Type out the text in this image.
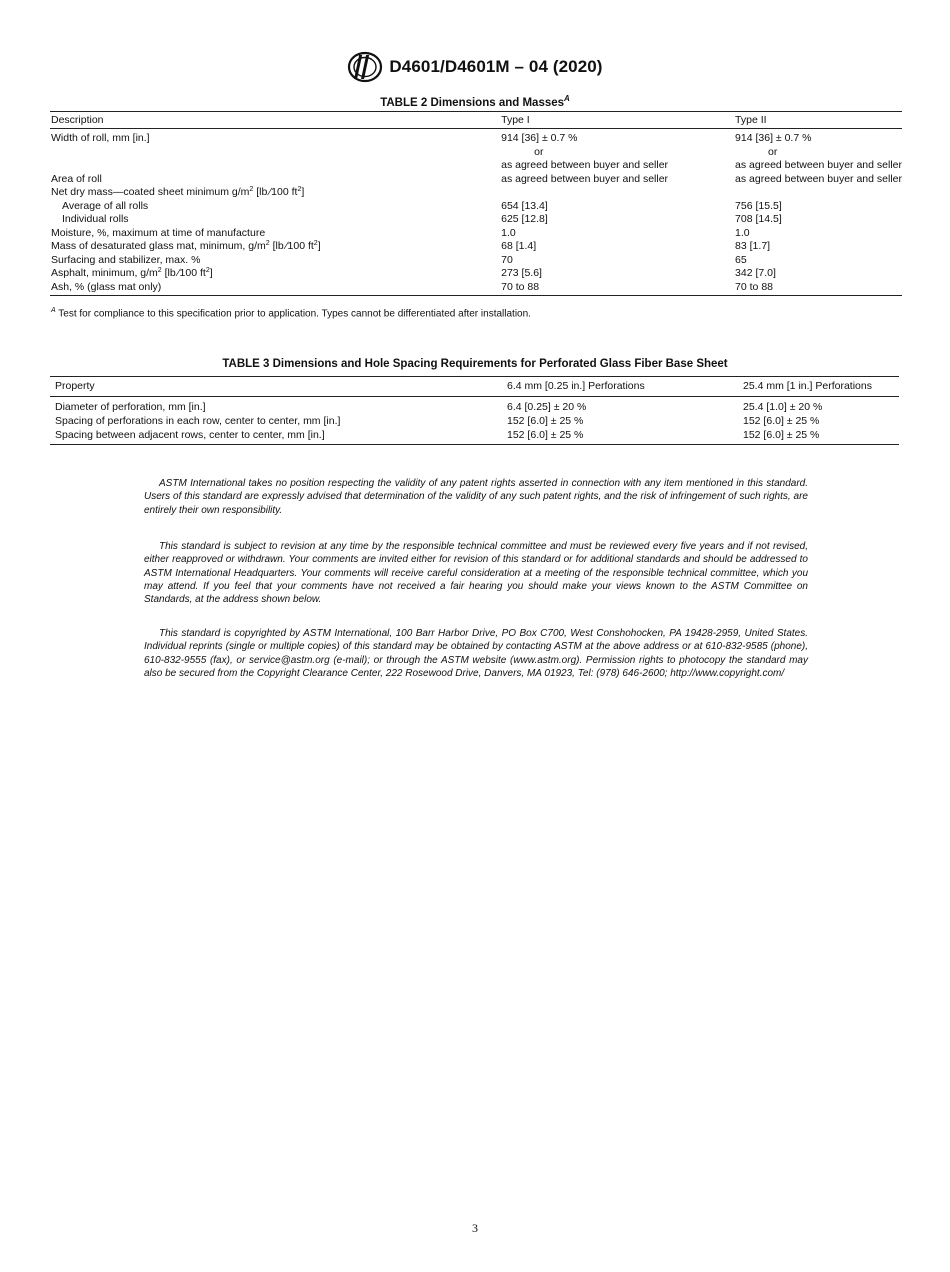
D4601/D4601M – 04 (2020)
TABLE 2 Dimensions and Masses$^A$
Description	Type I	Type II
Width of roll, mm [in.]	914 [36] ± 0.7 %	914 [36] ± 0.7 %
	or	or
	as agreed between buyer and seller	as agreed between buyer and seller
Area of roll	as agreed between buyer and seller	as agreed between buyer and seller
Net dry mass—coated sheet minimum $g/m^2$ [lb ∕100 $ft^2$]		
Average of all rolls	654 [13.4]	756 [15.5]
Individual rolls	625 [12.8]	708 [14.5]
Moisture, %, maximum at time of manufacture	1.0	1.0
Mass of desaturated glass mat, minimum, $g/m^2$ [lb ∕100 $ft^2$]	68 [1.4]	83 [1.7]
Surfacing and stabilizer, max. %	70	65
Asphalt, minimum, $g/m^2$ [lb ∕100 $ft^2$]	273 [5.6]	342 [7.0]
Ash, % (glass mat only)	70 to 88	70 to 88
$^A$ Test for compliance to this specification prior to application. Types cannot be differentiated after installation.
TABLE 3 Dimensions and Hole Spacing Requirements for Perforated Glass Fiber Base Sheet
Property	6.4 mm [0.25 in.] Perforations	25.4 mm [1 in.] Perforations
Diameter of perforation, mm [in.]	6.4 [0.25] ± 20 %	25.4 [1.0] ± 20 %
Spacing of perforations in each row, center to center, mm [in.]	152 [6.0] ± 25 %	152 [6.0] ± 25 %
Spacing between adjacent rows, center to center, mm [in.]	152 [6.0] ± 25 %	152 [6.0] ± 25 %
ASTM International takes no position respecting the validity of any patent rights asserted in connection with any item mentioned in this standard. Users of this standard are expressly advised that determination of the validity of any such patent rights, and the risk of infringement of such rights, are entirely their own responsibility.
This standard is subject to revision at any time by the responsible technical committee and must be reviewed every five years and if not revised, either reapproved or withdrawn. Your comments are invited either for revision of this standard or for additional standards and should be addressed to ASTM International Headquarters. Your comments will receive careful consideration at a meeting of the responsible technical committee, which you may attend. If you feel that your comments have not received a fair hearing you should make your views known to the ASTM Committee on Standards, at the address shown below.
This standard is copyrighted by ASTM International, 100 Barr Harbor Drive, PO Box C700, West Conshohocken, PA 19428-2959, United States. Individual reprints (single or multiple copies) of this standard may be obtained by contacting ASTM at the above address or at 610-832-9585 (phone), 610-832-9555 (fax), or service@astm.org (e-mail); or through the ASTM website (www.astm.org). Permission rights to photocopy the standard may also be secured from the Copyright Clearance Center, 222 Rosewood Drive, Danvers, MA 01923, Tel: (978) 646-2600; http://www.copyright.com/
3
